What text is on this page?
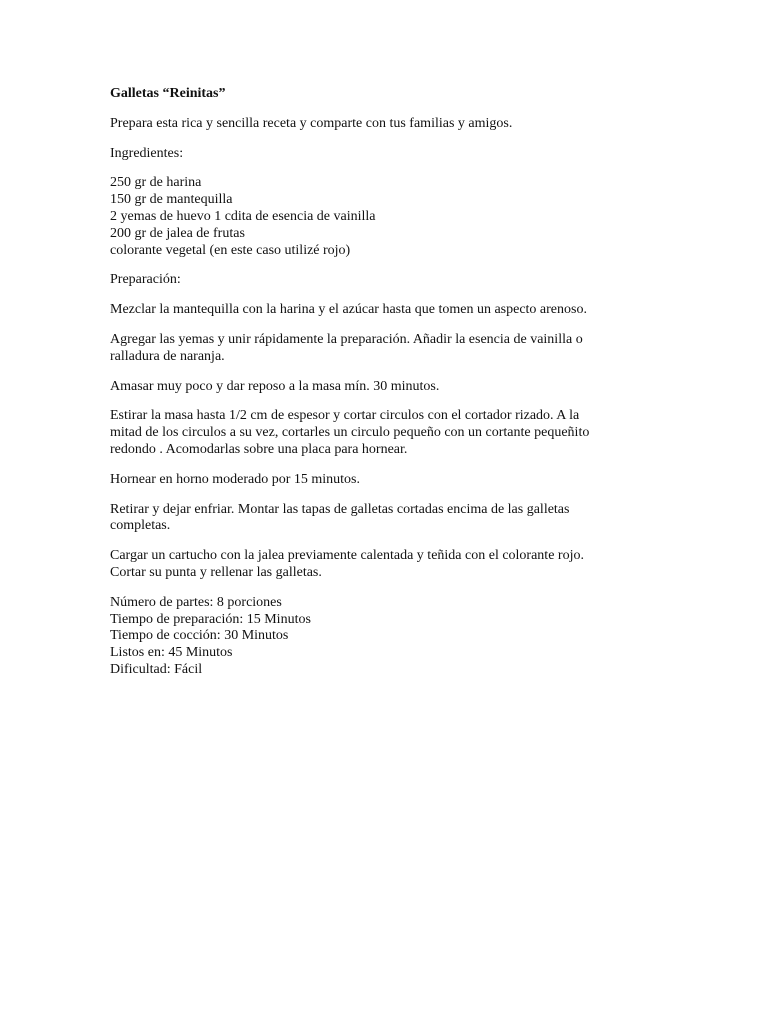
Galletas “Reinitas”
Prepara esta rica y sencilla receta y comparte con tus familias y amigos.
Ingredientes:
250 gr de harina
150 gr de mantequilla
2 yemas de huevo 1 cdita de esencia de vainilla
200 gr de jalea de frutas
colorante vegetal (en este caso utilizé rojo)
Preparación:
Mezclar la mantequilla con la harina y el azúcar hasta que tomen un aspecto arenoso.
Agregar las yemas y unir rápidamente la preparación. Añadir la esencia de vainilla o
ralladura de naranja.
Amasar muy poco y dar reposo a la masa mín. 30 minutos.
Estirar la masa hasta 1/2 cm de espesor y cortar circulos con el cortador rizado. A la
mitad de los circulos a su vez, cortarles un circulo pequeño con un cortante pequeñito
redondo . Acomodarlas sobre una placa para hornear.
Hornear en horno moderado por 15 minutos.
Retirar y dejar enfriar. Montar las tapas de galletas cortadas encima de las galletas
completas.
Cargar un cartucho con la jalea previamente calentada y teñida con el colorante rojo.
Cortar su punta y rellenar las galletas.
Número de partes: 8 porciones
Tiempo de preparación: 15 Minutos
Tiempo de cocción: 30 Minutos
Listos en: 45 Minutos
Dificultad: Fácil
